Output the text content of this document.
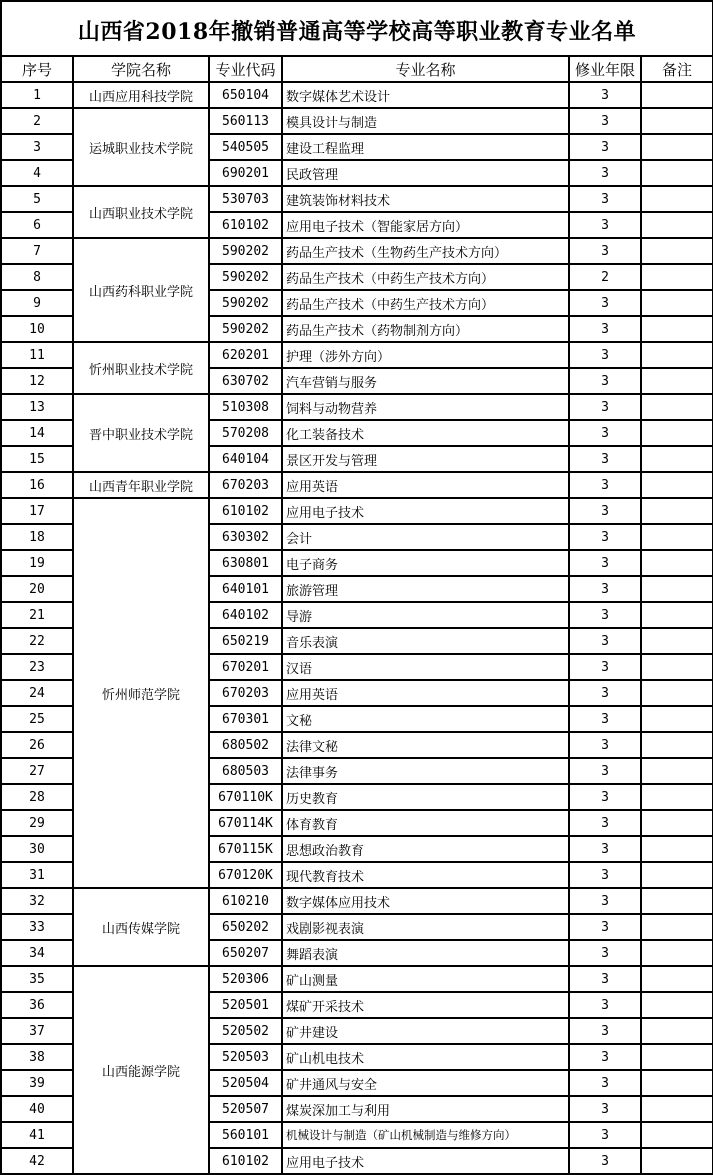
山西省2018年撤销普通高等学校高等职业教育专业名单					
序号	学院名称	专业代码	专业名称	修业年限	备注
1	山西应用科技学院	650104	数字媒体艺术设计	3	
2	运城职业技术学院	560113	模具设计与制造	3	
3		540505	建设工程监理	3	
4		690201	民政管理	3	
5	山西职业技术学院	530703	建筑装饰材料技术	3	
6		610102	应用电子技术（智能家居方向）	3	
7	山西药科职业学院	590202	药品生产技术（生物药生产技术方向）	3	
8		590202	药品生产技术（中药生产技术方向）	2	
9		590202	药品生产技术（中药生产技术方向）	3	
10		590202	药品生产技术（药物制剂方向）	3	
11	忻州职业技术学院	620201	护理（涉外方向）	3	
12		630702	汽车营销与服务	3	
13	晋中职业技术学院	510308	饲料与动物营养	3	
14		570208	化工装备技术	3	
15		640104	景区开发与管理	3	
16	山西青年职业学院	670203	应用英语	3	
17	忻州师范学院	610102	应用电子技术	3	
18		630302	会计	3	
19		630801	电子商务	3	
20		640101	旅游管理	3	
21		640102	导游	3	
22		650219	音乐表演	3	
23		670201	汉语	3	
24		670203	应用英语	3	
25		670301	文秘	3	
26		680502	法律文秘	3	
27		680503	法律事务	3	
28		670110K	历史教育	3	
29		670114K	体育教育	3	
30		670115K	思想政治教育	3	
31		670120K	现代教育技术	3	
32	山西传媒学院	610210	数字媒体应用技术	3	
33		650202	戏剧影视表演	3	
34		650207	舞蹈表演	3	
35	山西能源学院	520306	矿山测量	3	
36		520501	煤矿开采技术	3	
37		520502	矿井建设	3	
38		520503	矿山机电技术	3	
39		520504	矿井通风与安全	3	
40		520507	煤炭深加工与利用	3	
41		560101	机械设计与制造（矿山机械制造与维修方向）	3	
42		610102	应用电子技术	3	
